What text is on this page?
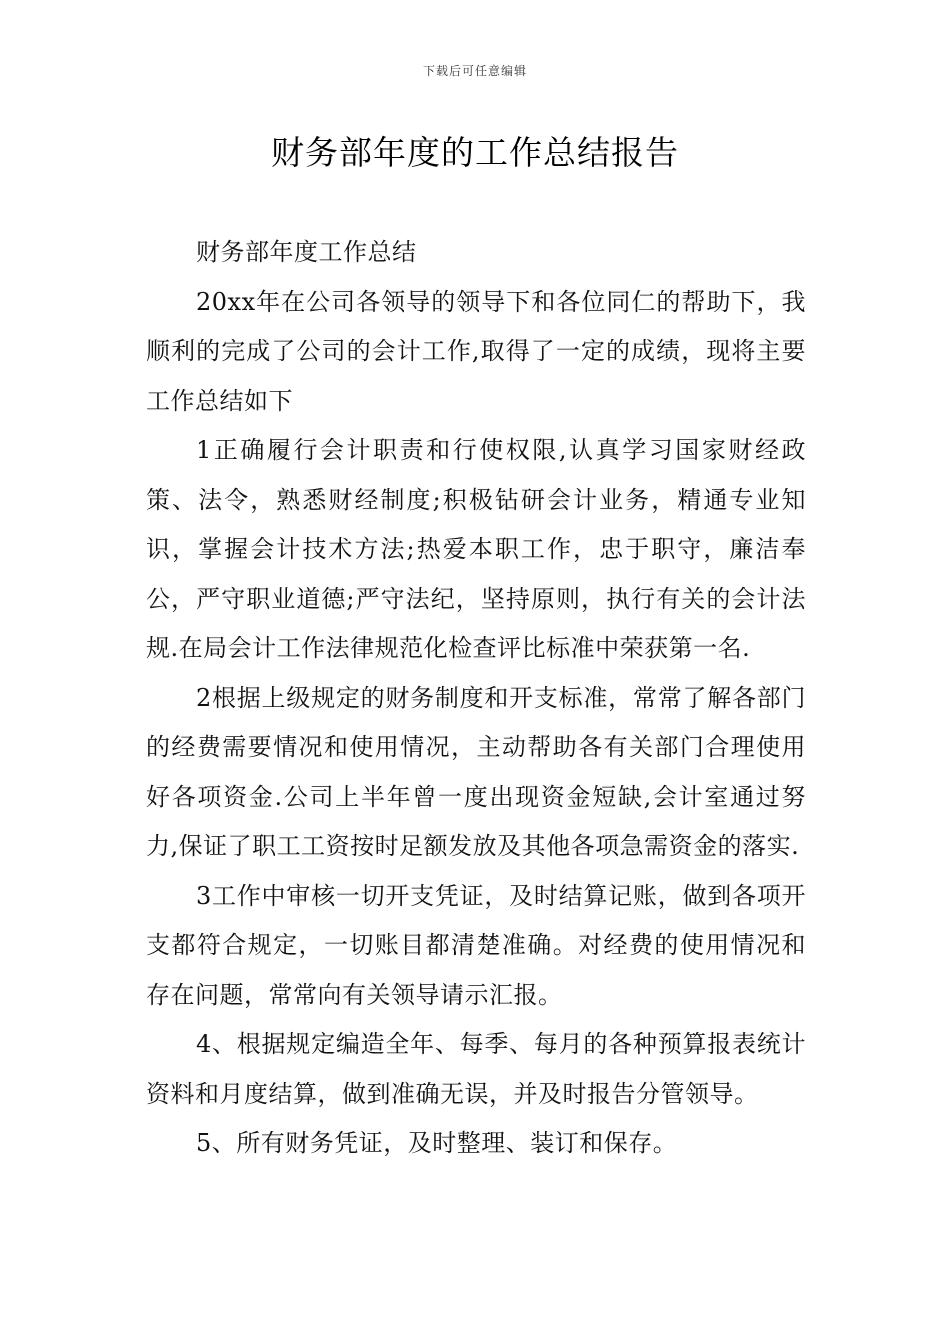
下载后可任意编辑
财务部年度的工作总结报告

财务部年度工作总结

20xx年在公司各领导的领导下和各位同仁的帮助下，我顺利的完成了公司的会计工作,取得了一定的成绩，现将主要工作总结如下

1正确履行会计职责和行使权限,认真学习国家财经政策、法令，熟悉财经制度;积极钻研会计业务，精通专业知识，掌握会计技术方法;热爱本职工作，忠于职守，廉洁奉公，严守职业道德;严守法纪，坚持原则，执行有关的会计法规.在局会计工作法律规范化检查评比标准中荣获第一名.

2根据上级规定的财务制度和开支标准，常常了解各部门的经费需要情况和使用情况，主动帮助各有关部门合理使用好各项资金.公司上半年曾一度出现资金短缺,会计室通过努力,保证了职工工资按时足额发放及其他各项急需资金的落实.

3工作中审核一切开支凭证，及时结算记账，做到各项开支都符合规定，一切账目都清楚准确。对经费的使用情况和存在问题，常常向有关领导请示汇报。

4、根据规定编造全年、每季、每月的各种预算报表统计资料和月度结算，做到准确无误，并及时报告分管领导。

5、所有财务凭证，及时整理、装订和保存。
